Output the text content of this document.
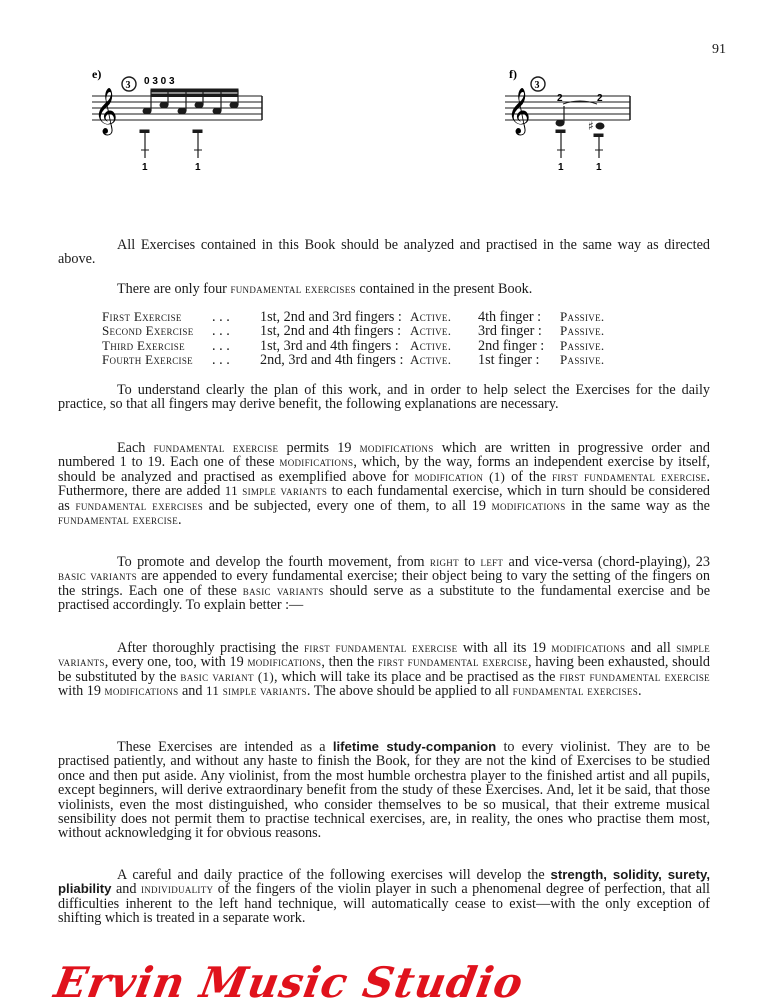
91
e)
3 0 3 0 3
𝄞
1	1
f)
3
𝄞	2	2
♯
1	1

All Exercises contained in this Book should be analyzed and practised in the same way as directed above.

There are only four fundamental exercises contained in the present Book.

First Exercise	. . .	1st, 2nd and 3rd fingers :	Active.	4th finger :	Passive.
Second Exercise	. . .	1st, 2nd and 4th fingers :	Active.	3rd finger :	Passive.
Third Exercise	. . .	1st, 3rd and 4th fingers :	Active.	2nd finger :	Passive.
Fourth Exercise	. . .	2nd, 3rd and 4th fingers :	Active.	1st finger :	Passive.

To understand clearly the plan of this work, and in order to help select the Exercises for the daily practice, so that all fingers may derive benefit, the following explanations are necessary.

Each fundamental exercise permits 19 modifications which are written in progressive order and numbered 1 to 19. Each one of these modifications, which, by the way, forms an independent exercise by itself, should be analyzed and practised as exemplified above for modification (1) of the first fundamental exercise. Futhermore, there are added 11 simple variants to each fundamental exercise, which in turn should be considered as fundamental exercises and be subjected, every one of them, to all 19 modifications in the same way as the fundamental exercise.

To promote and develop the fourth movement, from right to left and vice-versa (chord-playing), 23 basic variants are appended to every fundamental exercise; their object being to vary the setting of the fingers on the strings. Each one of these basic variants should serve as a substitute to the fundamental exercise and be practised accordingly. To explain better :—

After thoroughly practising the first fundamental exercise with all its 19 modifications and all simple variants, every one, too, with 19 modifications, then the first fundamental exercise, having been exhausted, should be substituted by the basic variant (1), which will take its place and be practised as the first fundamental exercise with 19 modifications and 11 simple variants. The above should be applied to all fundamental exercises.

These Exercises are intended as a lifetime study-companion to every violinist. They are to be practised patiently, and without any haste to finish the Book, for they are not the kind of Exercises to be studied once and then put aside. Any violinist, from the most humble orchestra player to the finished artist and all pupils, except beginners, will derive extraordinary benefit from the study of these Exercises. And, let it be said, that those violinists, even the most distinguished, who consider themselves to be so musical, that their extreme musical sensibility does not permit them to practise technical exercises, are, in reality, the ones who practise them most, without acknowledging it for obvious reasons.

A careful and daily practice of the following exercises will develop the strength, solidity, surety, pliability and individuality of the fingers of the violin player in such a phenomenal degree of perfection, that all difficulties inherent to the left hand technique, will automatically cease to exist—with the only exception of shifting which is treated in a separate work.

Ervin Music Studio
